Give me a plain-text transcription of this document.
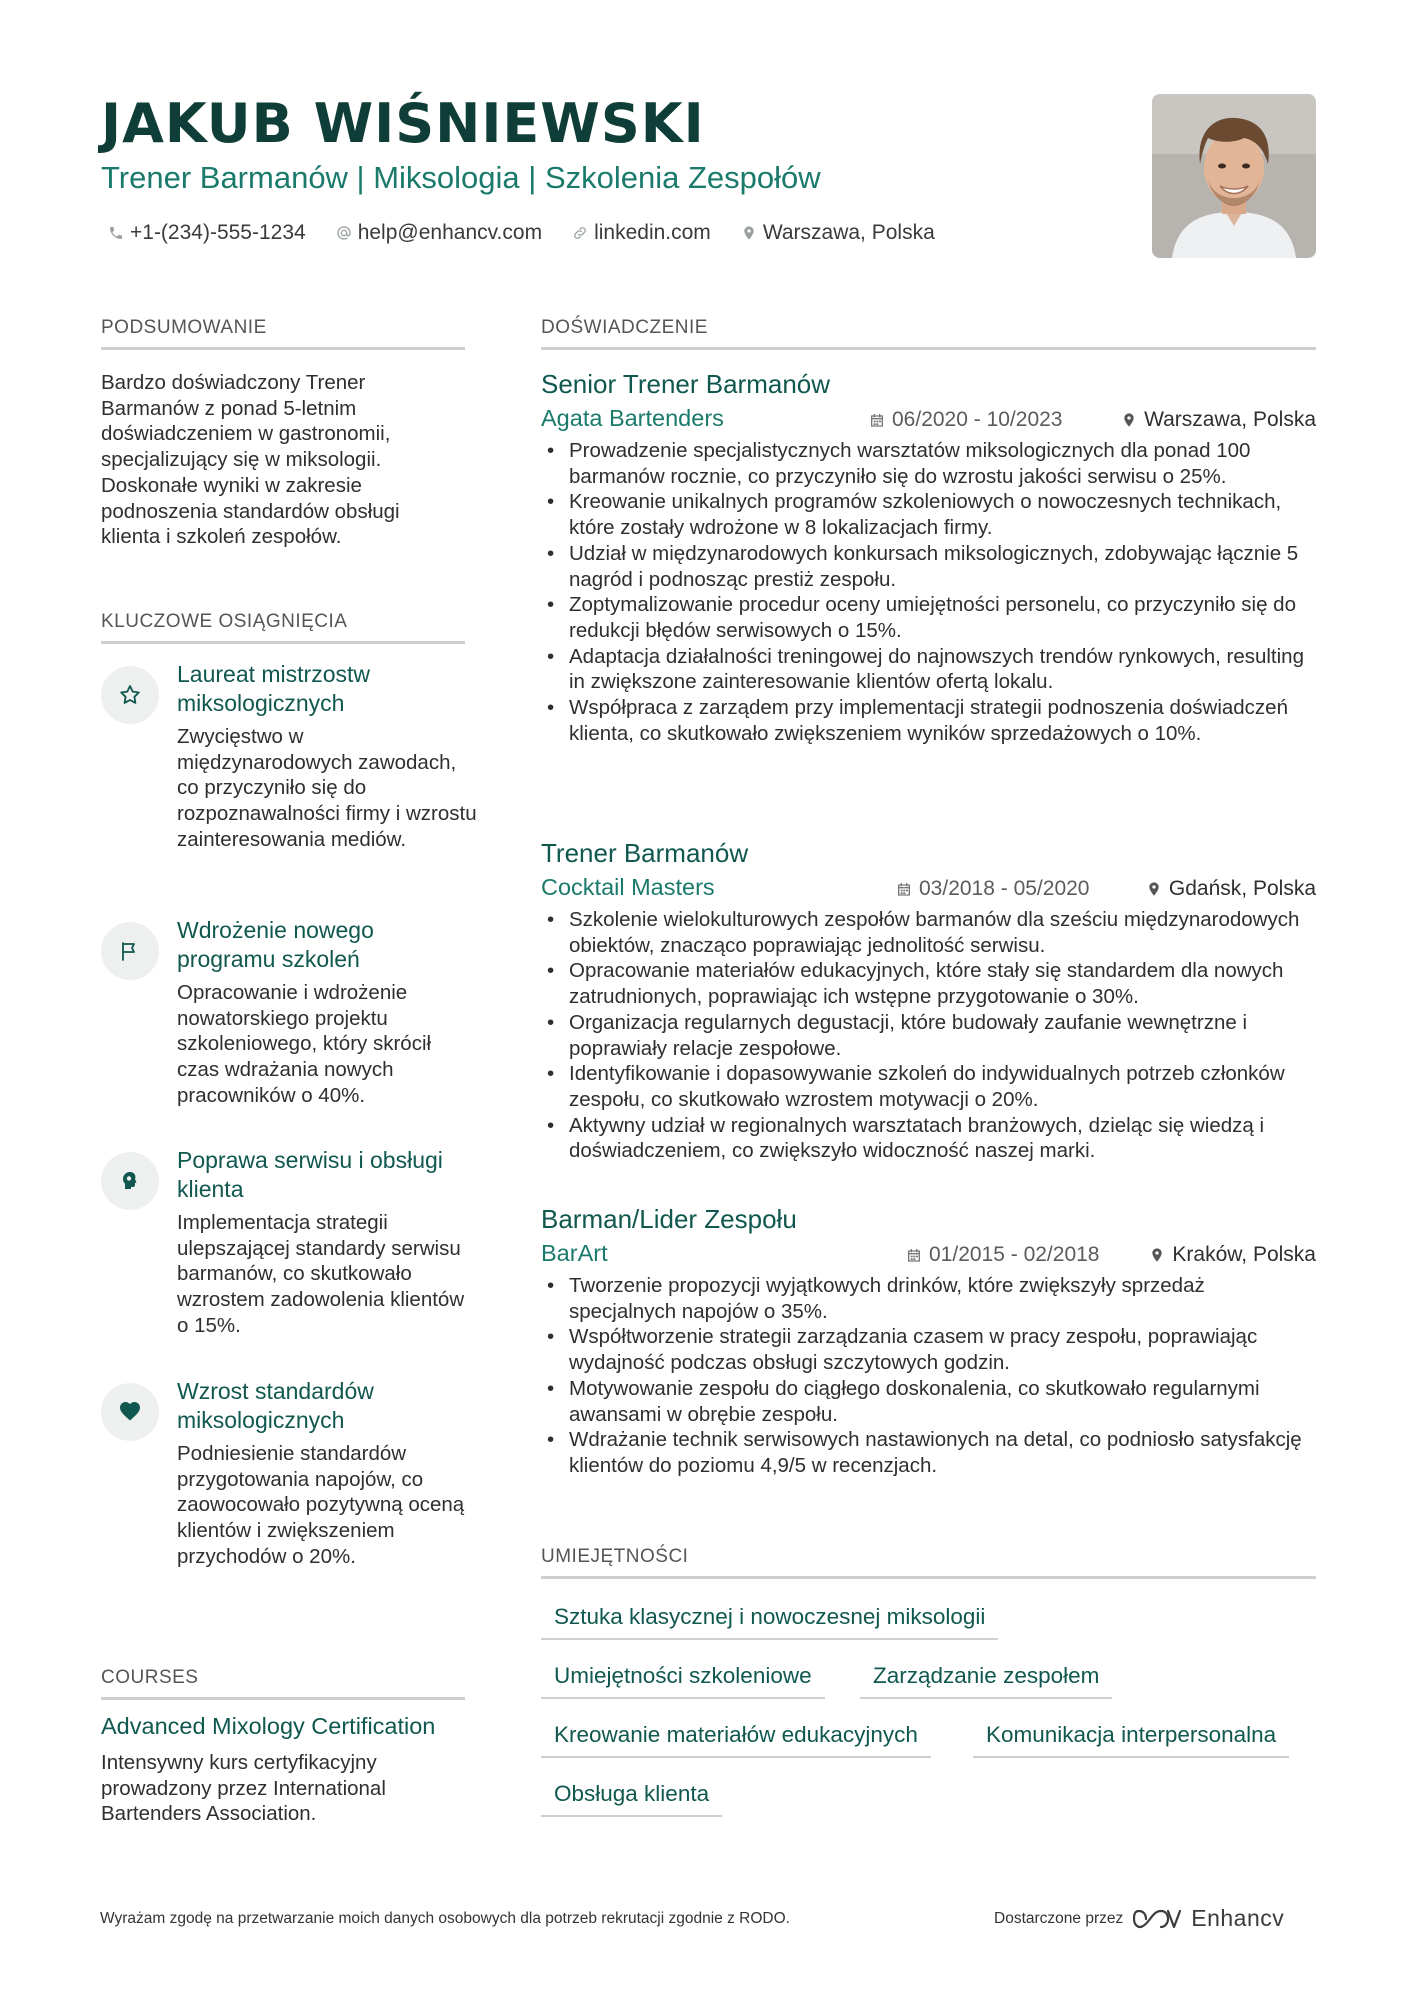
JAKUB WIŚNIEWSKI
Trener Barmanów | Miksologia | Szkolenia Zespołów
+1-(234)-555-1234 help@enhancv.com linkedin.com Warszawa, Polska
PODSUMOWANIE
Bardzo doświadczony Trener Barmanów z ponad 5-letnim doświadczeniem w gastronomii, specjalizujący się w miksologii. Doskonałe wyniki w zakresie podnoszenia standardów obsługi klienta i szkoleń zespołów.
KLUCZOWE OSIĄGNIĘCIA
Laureat mistrzostw miksologicznych
Zwycięstwo w międzynarodowych zawodach, co przyczyniło się do rozpoznawalności firmy i wzrostu zainteresowania mediów.
Wdrożenie nowego programu szkoleń
Opracowanie i wdrożenie nowatorskiego projektu szkoleniowego, który skrócił czas wdrażania nowych pracowników o 40%.
Poprawa serwisu i obsługi klienta
Implementacja strategii ulepszającej standardy serwisu barmanów, co skutkowało wzrostem zadowolenia klientów o 15%.
Wzrost standardów miksologicznych
Podniesienie standardów przygotowania napojów, co zaowocowało pozytywną oceną klientów i zwiększeniem przychodów o 20%.
COURSES
Advanced Mixology Certification
Intensywny kurs certyfikacyjny prowadzony przez International Bartenders Association.
DOŚWIADCZENIE
Senior Trener Barmanów
Agata Bartenders	06/2020 - 10/2023	Warszawa, Polska
• Prowadzenie specjalistycznych warsztatów miksologicznych dla ponad 100 barmanów rocznie, co przyczyniło się do wzrostu jakości serwisu o 25%.
• Kreowanie unikalnych programów szkoleniowych o nowoczesnych technikach, które zostały wdrożone w 8 lokalizacjach firmy.
• Udział w międzynarodowych konkursach miksologicznych, zdobywając łącznie 5 nagród i podnosząc prestiż zespołu.
• Zoptymalizowanie procedur oceny umiejętności personelu, co przyczyniło się do redukcji błędów serwisowych o 15%.
• Adaptacja działalności treningowej do najnowszych trendów rynkowych, resulting in zwiększone zainteresowanie klientów ofertą lokalu.
• Współpraca z zarządem przy implementacji strategii podnoszenia doświadczeń klienta, co skutkowało zwiększeniem wyników sprzedażowych o 10%.
Trener Barmanów
Cocktail Masters	03/2018 - 05/2020	Gdańsk, Polska
• Szkolenie wielokulturowych zespołów barmanów dla sześciu międzynarodowych obiektów, znacząco poprawiając jednolitość serwisu.
• Opracowanie materiałów edukacyjnych, które stały się standardem dla nowych zatrudnionych, poprawiając ich wstępne przygotowanie o 30%.
• Organizacja regularnych degustacji, które budowały zaufanie wewnętrzne i poprawiały relacje zespołowe.
• Identyfikowanie i dopasowywanie szkoleń do indywidualnych potrzeb członków zespołu, co skutkowało wzrostem motywacji o 20%.
• Aktywny udział w regionalnych warsztatach branżowych, dzieląc się wiedzą i doświadczeniem, co zwiększyło widoczność naszej marki.
Barman/Lider Zespołu
BarArt	01/2015 - 02/2018	Kraków, Polska
• Tworzenie propozycji wyjątkowych drinków, które zwiększyły sprzedaż specjalnych napojów o 35%.
• Współtworzenie strategii zarządzania czasem w pracy zespołu, poprawiając wydajność podczas obsługi szczytowych godzin.
• Motywowanie zespołu do ciągłego doskonalenia, co skutkowało regularnymi awansami w obrębie zespołu.
• Wdrażanie technik serwisowych nastawionych na detal, co podniosło satysfakcję klientów do poziomu 4,9/5 w recenzjach.
UMIEJĘTNOŚCI
Sztuka klasycznej i nowoczesnej miksologii
Umiejętności szkoleniowe	Zarządzanie zespołem
Kreowanie materiałów edukacyjnych	Komunikacja interpersonalna
Obsługa klienta
Wyrażam zgodę na przetwarzanie moich danych osobowych dla potrzeb rekrutacji zgodnie z RODO.	Dostarczone przez	Enhancv
